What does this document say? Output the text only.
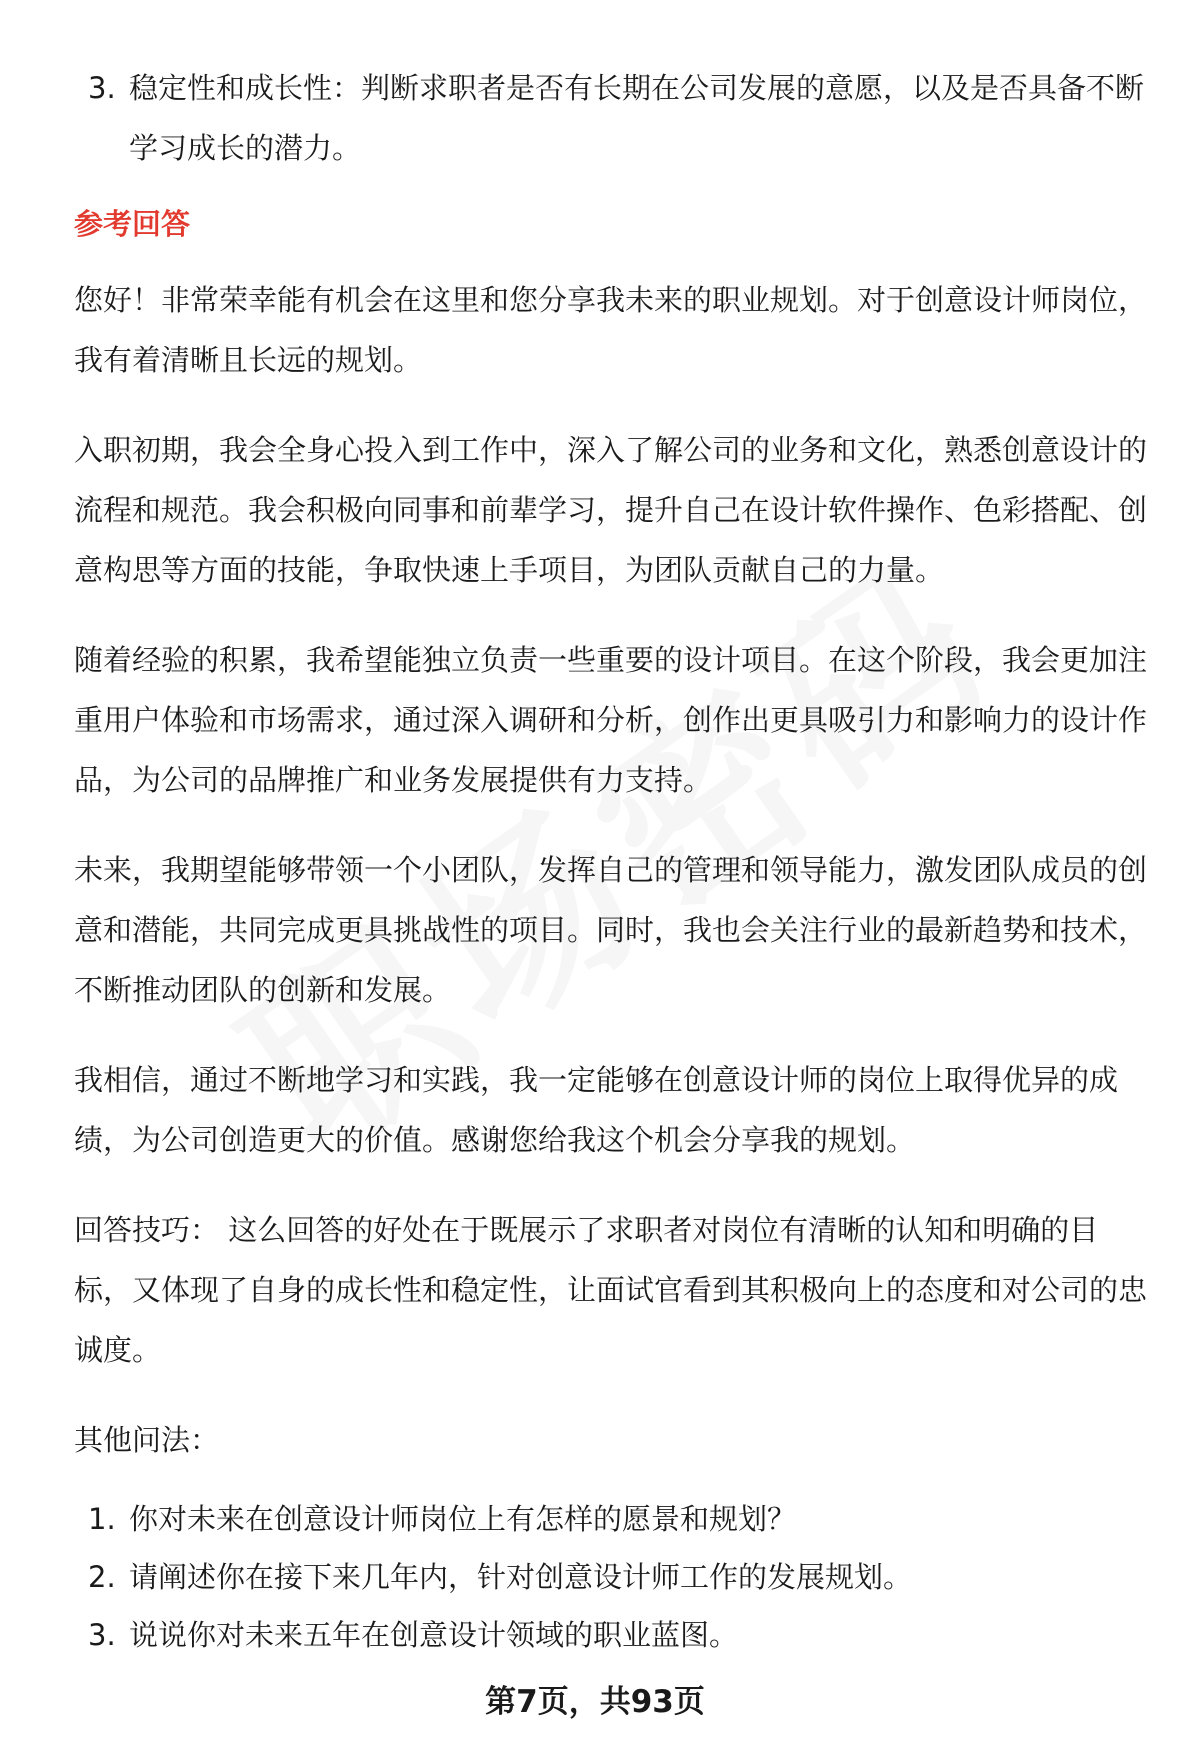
3. 稳定性和成长性：判断求职者是否有长期在公司发展的意愿，以及是否具备不断学习成长的潜力。
参考回答

您好！非常荣幸能有机会在这里和您分享我未来的职业规划。对于创意设计师岗位，我有着清晰且长远的规划。

入职初期，我会全身心投入到工作中，深入了解公司的业务和文化，熟悉创意设计的流程和规范。我会积极向同事和前辈学习，提升自己在设计软件操作、色彩搭配、创意构思等方面的技能，争取快速上手项目，为团队贡献自己的力量。

随着经验的积累，我希望能独立负责一些重要的设计项目。在这个阶段，我会更加注重用户体验和市场需求，通过深入调研和分析，创作出更具吸引力和影响力的设计作品，为公司的品牌推广和业务发展提供有力支持。

未来，我期望能够带领一个小团队，发挥自己的管理和领导能力，激发团队成员的创意和潜能，共同完成更具挑战性的项目。同时，我也会关注行业的最新趋势和技术，不断推动团队的创新和发展。

我相信，通过不断地学习和实践，我一定能够在创意设计师的岗位上取得优异的成绩，为公司创造更大的价值。感谢您给我这个机会分享我的规划。

回答技巧： 这么回答的好处在于既展示了求职者对岗位有清晰的认知和明确的目标，又体现了自身的成长性和稳定性，让面试官看到其积极向上的态度和对公司的忠诚度。

其他问法：

1. 你对未来在创意设计师岗位上有怎样的愿景和规划？
2. 请阐述你在接下来几年内，针对创意设计师工作的发展规划。
3. 说说你对未来五年在创意设计领域的职业蓝图。
第7页，共93页
